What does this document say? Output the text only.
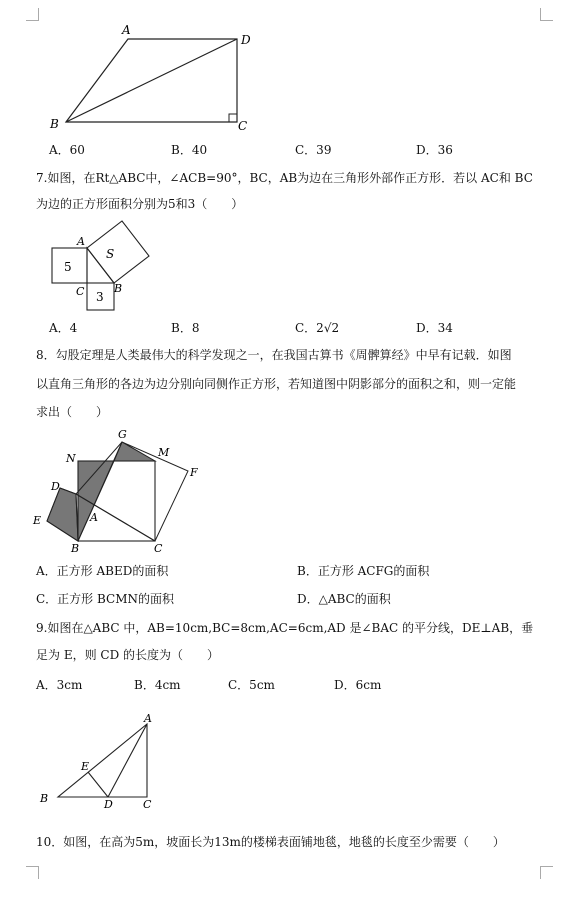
A
D
B	C
A．60	B．40	C．39	D．36
7.如图，在Rt△ABC中，∠ACB=90°，BC，AB为边在三角形外部作正方形．若以 AC和 BC
为边的正方形面积分别为5和3（　　）
A
C	B
S
5
3
A．4	B．8	C．2√2	D．34
8．勾股定理是人类最伟大的科学发现之一，在我国古算书《周髀算经》中早有记载．如图
以直角三角形的各边为边分别向同侧作正方形，若知道图中阴影部分的面积之和，则一定能
求出（　　）
G
M
N
F
D
E	A
B	C
A．正方形 ABED的面积	B．正方形 ACFG的面积
C．正方形 BCMN的面积	D．△ABC的面积
9.如图在△ABC 中，AB=10cm,BC=8cm,AC=6cm,AD 是∠BAC 的平分线，DE⊥AB，垂
足为 E，则 CD 的长度为（　　）
A．3cm	B．4cm	C．5cm	D．6cm
A
E
B	D	C
10．如图，在高为5m，坡面长为13m的楼梯表面铺地毯，地毯的长度至少需要（　　）
